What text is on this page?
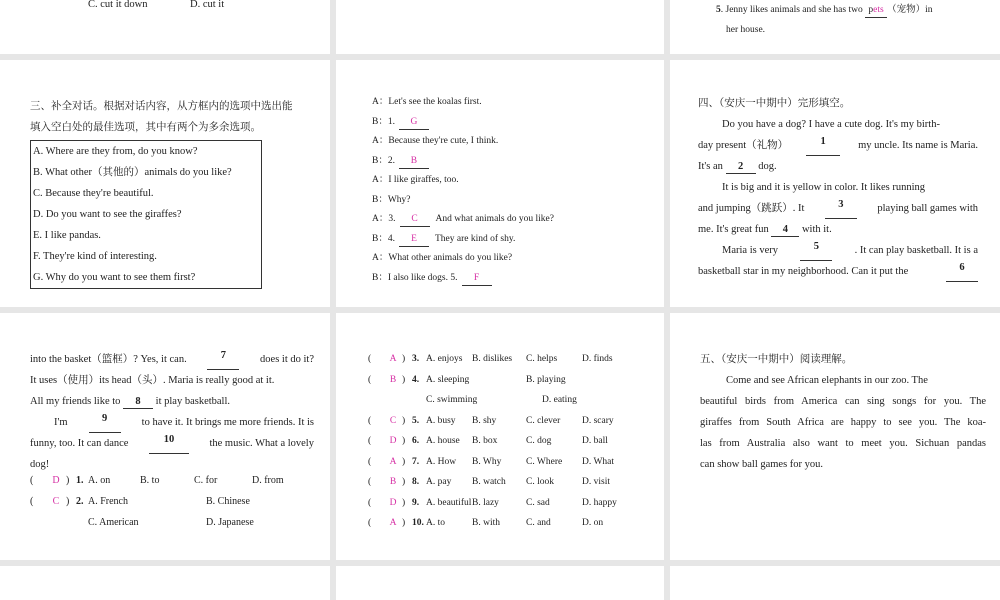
C. cut it down	D. cut it	5. Jenny likes animals and she has two pets （宠物）in
her house.
三、补全对话。根据对话内容，从方框内的选项中选出能
填入空白处的最佳选项，其中有两个为多余选项。
A. Where are they from, do you know?
B. What other（其他的）animals do you like?
C. Because they're beautiful.
D. Do you want to see the giraffes?
E. I like pandas.
F. They're kind of interesting.
G. Why do you want to see them first?
A：Let's see the koalas first.
B：1. G
A：Because they're cute, I think.
B：2. B
A：I like giraffes, too.
B：Why?
A：3. C And what animals do you like?
B：4. E They are kind of shy.
A：What other animals do you like?
B：I also like dogs. 5. F

四、（安庆一中期中）完形填空。

Do you have a dog? I have a cute dog. It's my birth-

day present（礼物）	1	my uncle. Its name is Maria.

It's an 2 dog.

It is big and it is yellow in color. It likes running

and jumping（跳跃）. It	3	playing ball games with

me. It's great fun 4 with it.

Maria is very	5	. It can play basketball. It is a

basketball star in my neighborhood. Can it put the	6

into the basket（篮框）? Yes, it can.	7	does it do it?

It uses（使用）its head（头）. Maria is really good at it.

All my friends like to 8 it play basketball.

I'm	9	to have it. It brings me more friends. It is

funny, too. It can dance	10	the music. What a lovely

dog!

(	D ) 1. A. on	B. to	C. for	D. from
(	C ) 2. A. French	B. Chinese
C. American	D. Japanese
(	A ) 3. A. enjoys	B. dislikes	C. helps	D. finds
(	B ) 4. A. sleeping	B. playing
C. swimming	D. eating
(	C ) 5. A. busy	B. shy	C. clever	D. scary
(	D ) 6. A. house	B. box	C. dog	D. ball
(	A ) 7. A. How	B. Why	C. Where	D. What
(	B ) 8. A. pay	B. watch	C. look	D. visit
(	D ) 9. A. beautiful B. lazy	C. sad	D. happy
(	A ) 10. A. to	B. with	C. and	D. on

五、（安庆一中期中）阅读理解。

Come and see African elephants in our zoo. The

beautiful birds from America can sing songs for you. The

giraffes from South Africa are happy to see you. The koa-

las from Australia also want to meet you. Sichuan pandas

can show ball games for you.
